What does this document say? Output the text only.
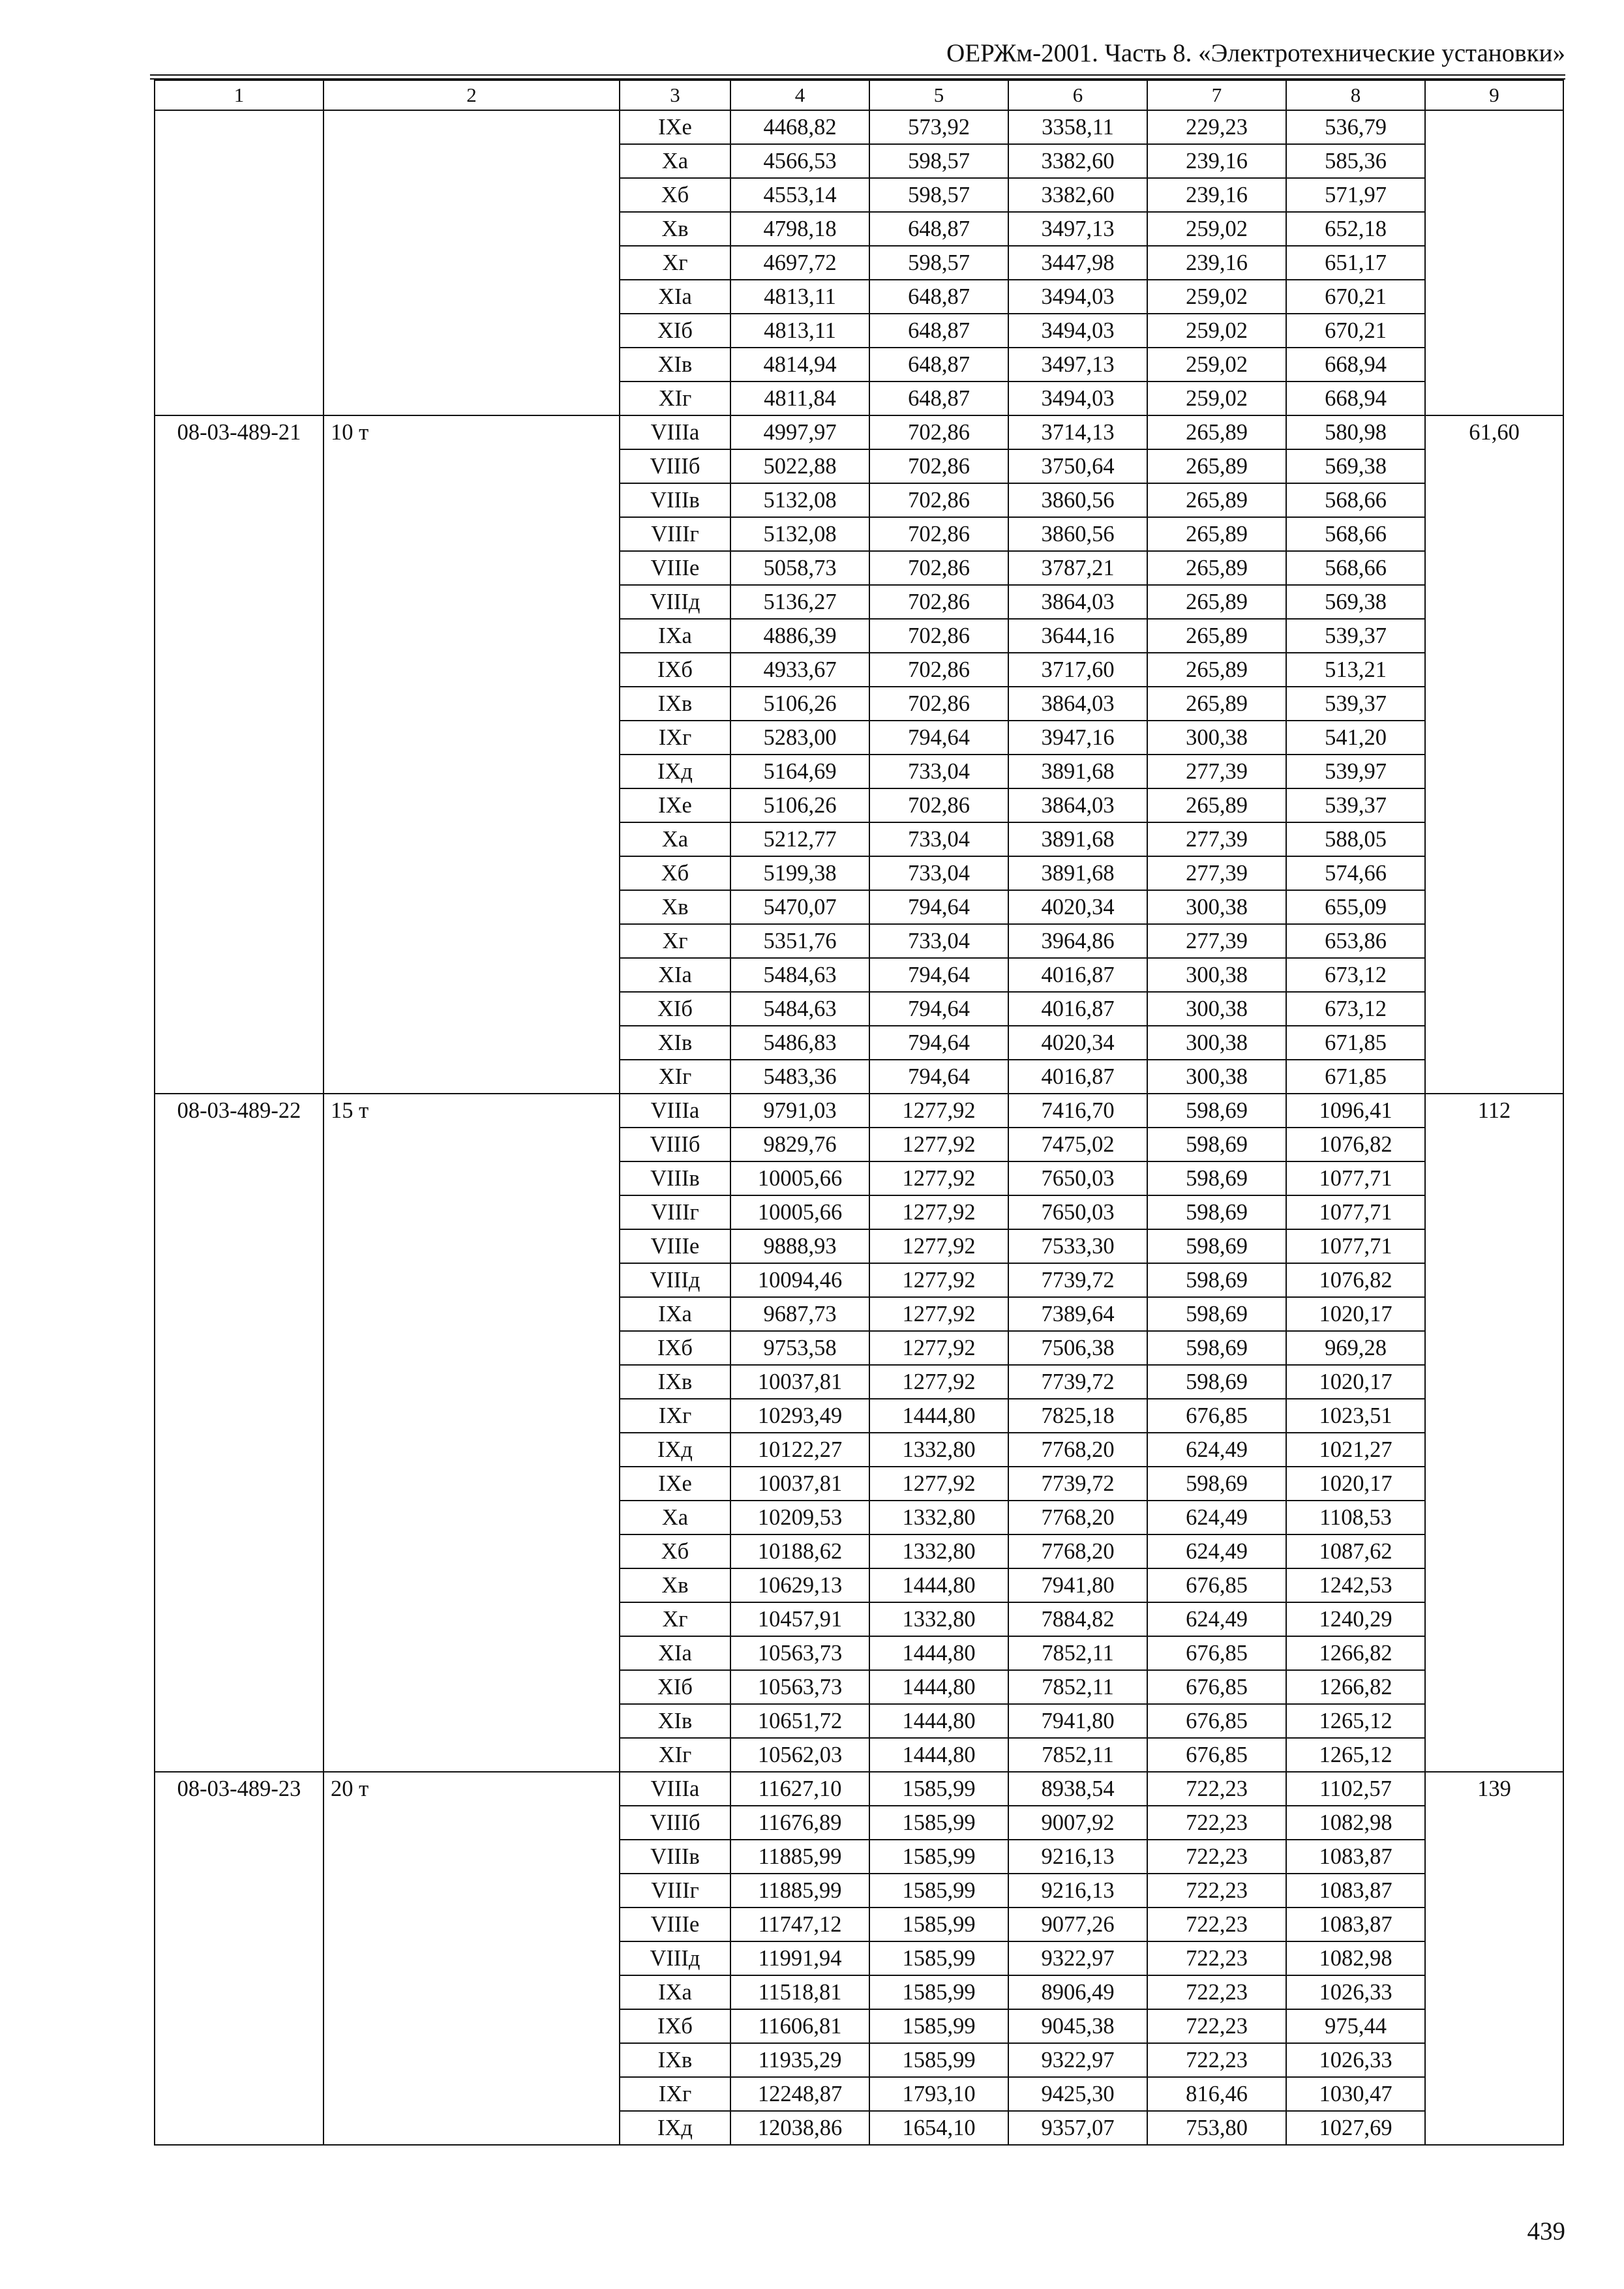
ОЕРЖм-2001. Часть 8. «Электротехнические установки»
1	2	3	4	5	6	7	8	9
		IXe	4468,82	573,92	3358,11	229,23	536,79	
		Xa	4566,53	598,57	3382,60	239,16	585,36	
		Xб	4553,14	598,57	3382,60	239,16	571,97	
		Xв	4798,18	648,87	3497,13	259,02	652,18	
		Xг	4697,72	598,57	3447,98	239,16	651,17	
		XIa	4813,11	648,87	3494,03	259,02	670,21	
		XIб	4813,11	648,87	3494,03	259,02	670,21	
		XIв	4814,94	648,87	3497,13	259,02	668,94	
		XIг	4811,84	648,87	3494,03	259,02	668,94	
08-03-489-21	10 т	VIIIa	4997,97	702,86	3714,13	265,89	580,98	61,60
		VIIIб	5022,88	702,86	3750,64	265,89	569,38	
		VIIIв	5132,08	702,86	3860,56	265,89	568,66	
		VIIIг	5132,08	702,86	3860,56	265,89	568,66	
		VIIIe	5058,73	702,86	3787,21	265,89	568,66	
		VIIIд	5136,27	702,86	3864,03	265,89	569,38	
		IXa	4886,39	702,86	3644,16	265,89	539,37	
		IXб	4933,67	702,86	3717,60	265,89	513,21	
		IXв	5106,26	702,86	3864,03	265,89	539,37	
		IXг	5283,00	794,64	3947,16	300,38	541,20	
		IXд	5164,69	733,04	3891,68	277,39	539,97	
		IXe	5106,26	702,86	3864,03	265,89	539,37	
		Xa	5212,77	733,04	3891,68	277,39	588,05	
		Xб	5199,38	733,04	3891,68	277,39	574,66	
		Xв	5470,07	794,64	4020,34	300,38	655,09	
		Xг	5351,76	733,04	3964,86	277,39	653,86	
		XIa	5484,63	794,64	4016,87	300,38	673,12	
		XIб	5484,63	794,64	4016,87	300,38	673,12	
		XIв	5486,83	794,64	4020,34	300,38	671,85	
		XIг	5483,36	794,64	4016,87	300,38	671,85	
08-03-489-22	15 т	VIIIa	9791,03	1277,92	7416,70	598,69	1096,41	112
		VIIIб	9829,76	1277,92	7475,02	598,69	1076,82	
		VIIIв	10005,66	1277,92	7650,03	598,69	1077,71	
		VIIIг	10005,66	1277,92	7650,03	598,69	1077,71	
		VIIIe	9888,93	1277,92	7533,30	598,69	1077,71	
		VIIIд	10094,46	1277,92	7739,72	598,69	1076,82	
		IXa	9687,73	1277,92	7389,64	598,69	1020,17	
		IXб	9753,58	1277,92	7506,38	598,69	969,28	
		IXв	10037,81	1277,92	7739,72	598,69	1020,17	
		IXг	10293,49	1444,80	7825,18	676,85	1023,51	
		IXд	10122,27	1332,80	7768,20	624,49	1021,27	
		IXe	10037,81	1277,92	7739,72	598,69	1020,17	
		Xa	10209,53	1332,80	7768,20	624,49	1108,53	
		Xб	10188,62	1332,80	7768,20	624,49	1087,62	
		Xв	10629,13	1444,80	7941,80	676,85	1242,53	
		Xг	10457,91	1332,80	7884,82	624,49	1240,29	
		XIa	10563,73	1444,80	7852,11	676,85	1266,82	
		XIб	10563,73	1444,80	7852,11	676,85	1266,82	
		XIв	10651,72	1444,80	7941,80	676,85	1265,12	
		XIг	10562,03	1444,80	7852,11	676,85	1265,12	
08-03-489-23	20 т	VIIIa	11627,10	1585,99	8938,54	722,23	1102,57	139
		VIIIб	11676,89	1585,99	9007,92	722,23	1082,98	
		VIIIв	11885,99	1585,99	9216,13	722,23	1083,87	
		VIIIг	11885,99	1585,99	9216,13	722,23	1083,87	
		VIIIe	11747,12	1585,99	9077,26	722,23	1083,87	
		VIIIд	11991,94	1585,99	9322,97	722,23	1082,98	
		IXa	11518,81	1585,99	8906,49	722,23	1026,33	
		IXб	11606,81	1585,99	9045,38	722,23	975,44	
		IXв	11935,29	1585,99	9322,97	722,23	1026,33	
		IXг	12248,87	1793,10	9425,30	816,46	1030,47	
		IXд	12038,86	1654,10	9357,07	753,80	1027,69	
439
